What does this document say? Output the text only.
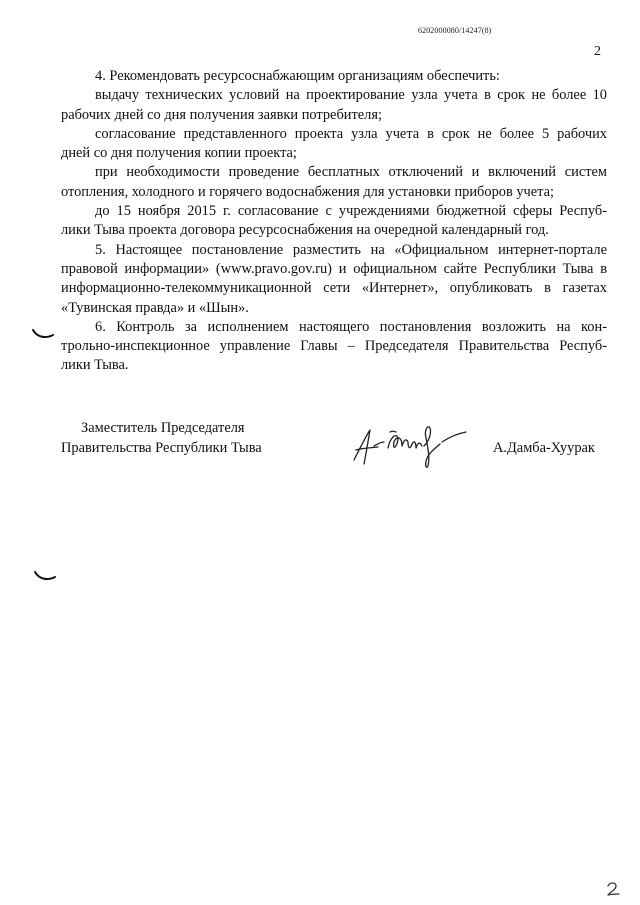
6202000080/14247(8)
2

4. Рекомендовать ресурсоснабжающим организациям обеспечить:

выдачу технических условий на проектирование узла учета в срок не более 10

рабочих дней со дня получения заявки потребителя;

согласование представленного проекта узла учета в срок не более 5 рабочих

дней со дня получения копии проекта;

при необходимости проведение бесплатных отключений и включений систем

отопления, холодного и горячего водоснабжения для установки приборов учета;

до 15 ноября 2015 г. согласование с учреждениями бюджетной сферы Респуб-

лики Тыва проекта договора ресурсоснабжения на очередной календарный год.

5. Настоящее постановление разместить на «Официальном интернет-портале

правовой информации» (www.pravo.gov.ru) и официальном сайте Республики Тыва в

информационно-телекоммуникационной сети «Интернет», опубликовать в газетах

«Тувинская правда» и «Шын».

6. Контроль за исполнением настоящего постановления возложить на кон-

трольно-инспекционное управление Главы – Председателя Правительства Респуб-

лики Тыва.

Заместитель Председателя

Правительства Республики Тыва	А.Дамба-Хуурак
